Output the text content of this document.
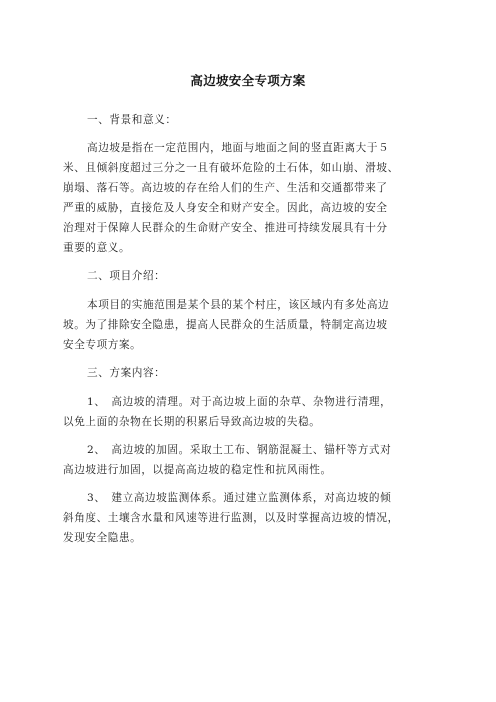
高边坡安全专项方案
一、背景和意义：
高边坡是指在一定范围内，地面与地面之间的竖直距离大于５
米、且倾斜度超过三分之一且有破坏危险的土石体，如山崩、滑坡、
崩塌、落石等。高边坡的存在给人们的生产、生活和交通都带来了
严重的威胁，直接危及人身安全和财产安全。因此，高边坡的安全
治理对于保障人民群众的生命财产安全、推进可持续发展具有十分
重要的意义。
二、项目介绍：
本项目的实施范围是某个县的某个村庄，该区域内有多处高边
坡。为了排除安全隐患，提高人民群众的生活质量，特制定高边坡
安全专项方案。
三、方案内容：
1、　高边坡的清理。对于高边坡上面的杂草、杂物进行清理，
以免上面的杂物在长期的积累后导致高边坡的失稳。
2、　高边坡的加固。采取土工布、钢筋混凝土、锚杆等方式对
高边坡进行加固，以提高高边坡的稳定性和抗风雨性。
3、　建立高边坡监测体系。通过建立监测体系，对高边坡的倾
斜角度、土壤含水量和风速等进行监测，以及时掌握高边坡的情况，
发现安全隐患。
